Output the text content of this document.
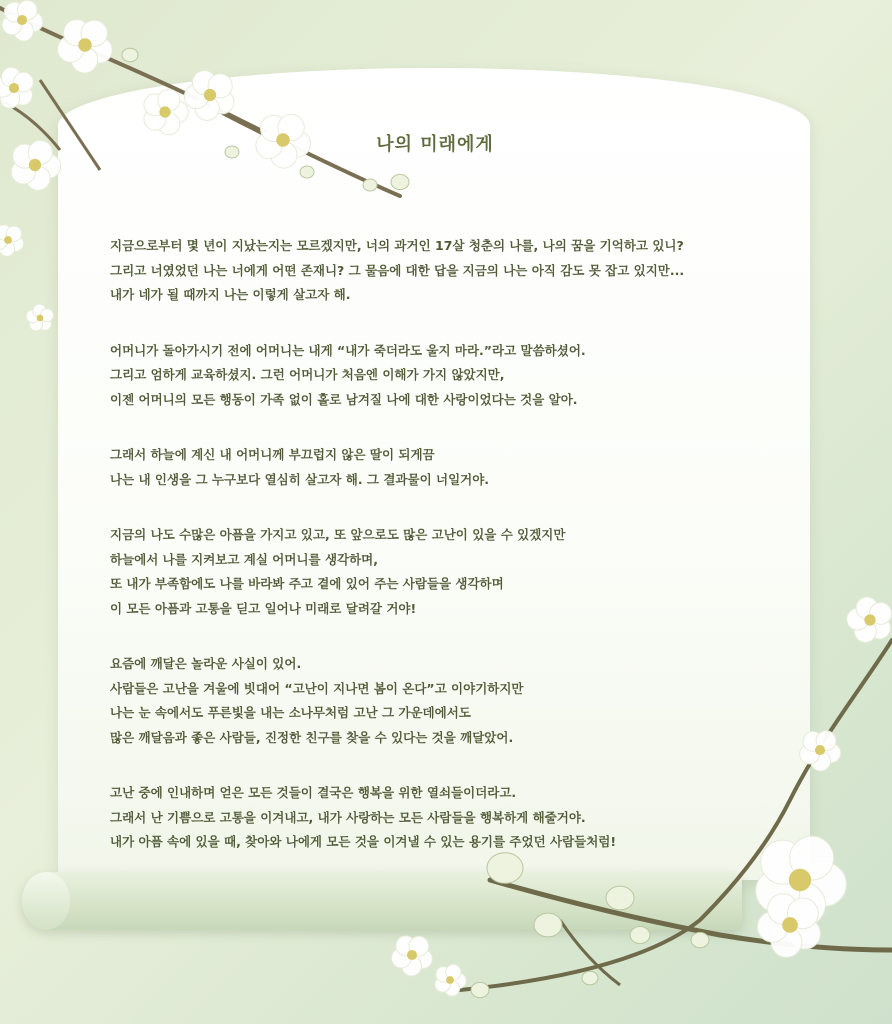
나의 미래에게
지금으로부터 몇 년이 지났는지는 모르겠지만, 너의 과거인 17살 청춘의 나를, 나의 꿈을 기억하고 있니?
그리고 너였었던 나는 너에게 어떤 존재니? 그 물음에 대한 답을 지금의 나는 아직 감도 못 잡고 있지만...
내가 네가 될 때까지 나는 이렇게 살고자 해.
어머니가 돌아가시기 전에 어머니는 내게 “내가 죽더라도 울지 마라.”라고 말씀하셨어.
그리고 엄하게 교육하셨지. 그런 어머니가 처음엔 이해가 가지 않았지만,
이젠 어머니의 모든 행동이 가족 없이 홀로 남겨질 나에 대한 사랑이었다는 것을 알아.
그래서 하늘에 계신 내 어머니께 부끄럽지 않은 딸이 되게끔
나는 내 인생을 그 누구보다 열심히 살고자 해. 그 결과물이 너일거야.
지금의 나도 수많은 아픔을 가지고 있고, 또 앞으로도 많은 고난이 있을 수 있겠지만
하늘에서 나를 지켜보고 계실 어머니를 생각하며,
또 내가 부족함에도 나를 바라봐 주고 곁에 있어 주는 사람들을 생각하며
이 모든 아픔과 고통을 딛고 일어나 미래로 달려갈 거야!
요즘에 깨달은 놀라운 사실이 있어.
사람들은 고난을 겨울에 빗대어 “고난이 지나면 봄이 온다”고 이야기하지만
나는 눈 속에서도 푸른빛을 내는 소나무처럼 고난 그 가운데에서도
많은 깨달음과 좋은 사람들, 진정한 친구를 찾을 수 있다는 것을 깨달았어.
고난 중에 인내하며 얻은 모든 것들이 결국은 행복을 위한 열쇠들이더라고.
그래서 난 기쁨으로 고통을 이겨내고, 내가 사랑하는 모든 사람들을 행복하게 해줄거야.
내가 아픔 속에 있을 때, 찾아와 나에게 모든 것을 이겨낼 수 있는 용기를 주었던 사람들처럼!
